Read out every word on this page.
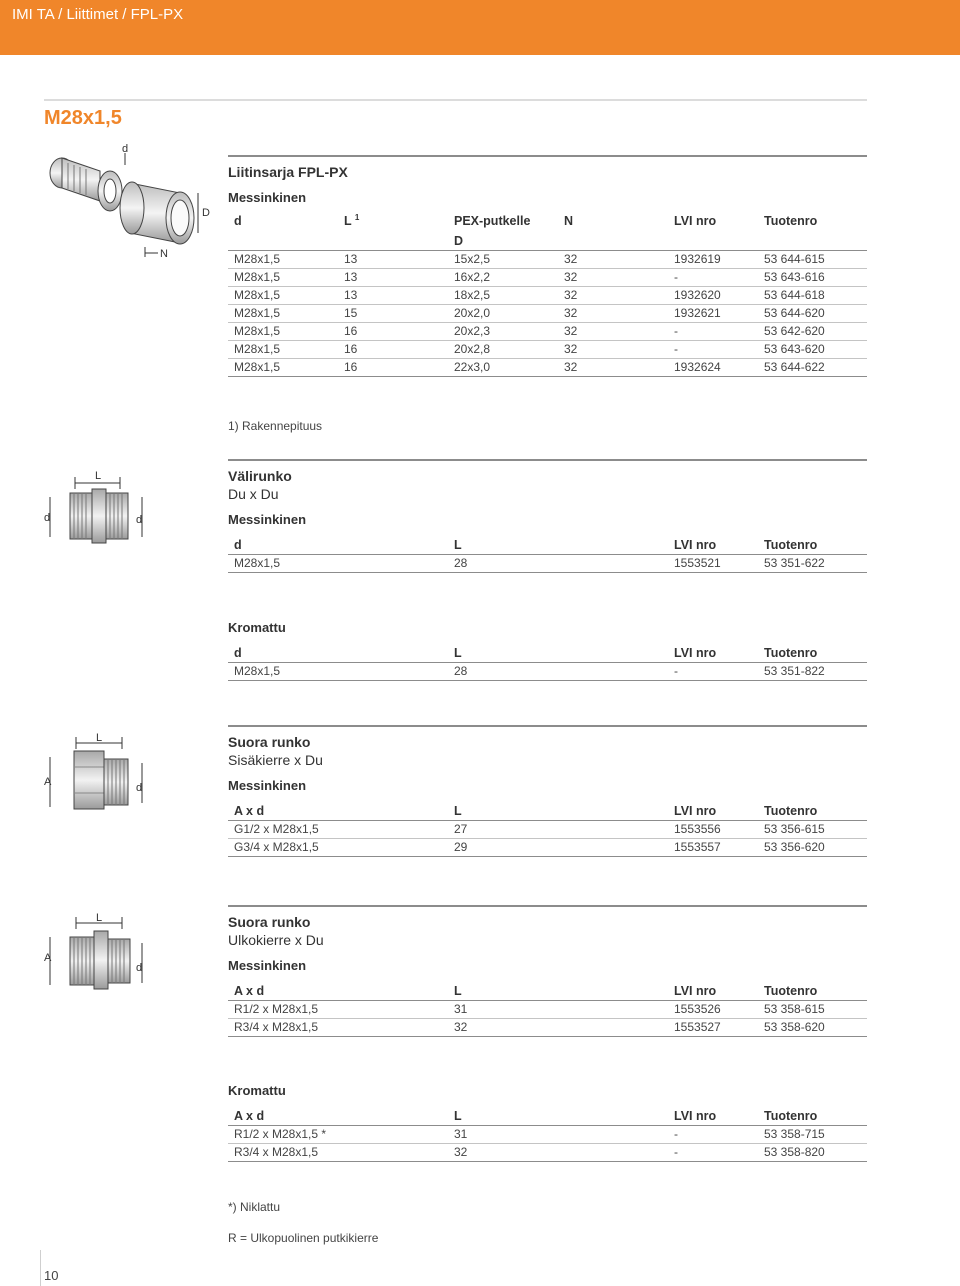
IMI TA / Liittimet / FPL-PX
M28x1,5
d
D
N
Liitinsarja FPL-PX
Messinkinen
d	L $^1$	PEX-putkelle	N	LVI nro	Tuotenro
		D			
M28x1,5	13	15x2,5	32	1932619	53 644-615
M28x1,5	13	16x2,2	32	-	53 643-616
M28x1,5	13	18x2,5	32	1932620	53 644-618
M28x1,5	15	20x2,0	32	1932621	53 644-620
M28x1,5	16	20x2,3	32	-	53 642-620
M28x1,5	16	20x2,8	32	-	53 643-620
M28x1,5	16	22x3,0	32	1932624	53 644-622
1) Rakennepituus
L
d	d
Välirunko
Du x Du
Messinkinen
d	L	LVI nro	Tuotenro
M28x1,5	28	1553521	53 351-622
Kromattu
d	L	LVI nro	Tuotenro
M28x1,5	28	-	53 351-822
L
A	d
Suora runko
Sisäkierre x Du
Messinkinen
A x d	L	LVI nro	Tuotenro
G1/2 x M28x1,5	27	1553556	53 356-615
G3/4 x M28x1,5	29	1553557	53 356-620
L
A
d
Suora runko
Ulkokierre x Du
Messinkinen
A x d	L	LVI nro	Tuotenro
R1/2 x M28x1,5	31	1553526	53 358-615
R3/4 x M28x1,5	32	1553527	53 358-620
Kromattu
A x d	L	LVI nro	Tuotenro
R1/2 x M28x1,5 *	31	-	53 358-715
R3/4 x M28x1,5	32	-	53 358-820
*) Niklattu
R = Ulkopuolinen putkikierre
10
